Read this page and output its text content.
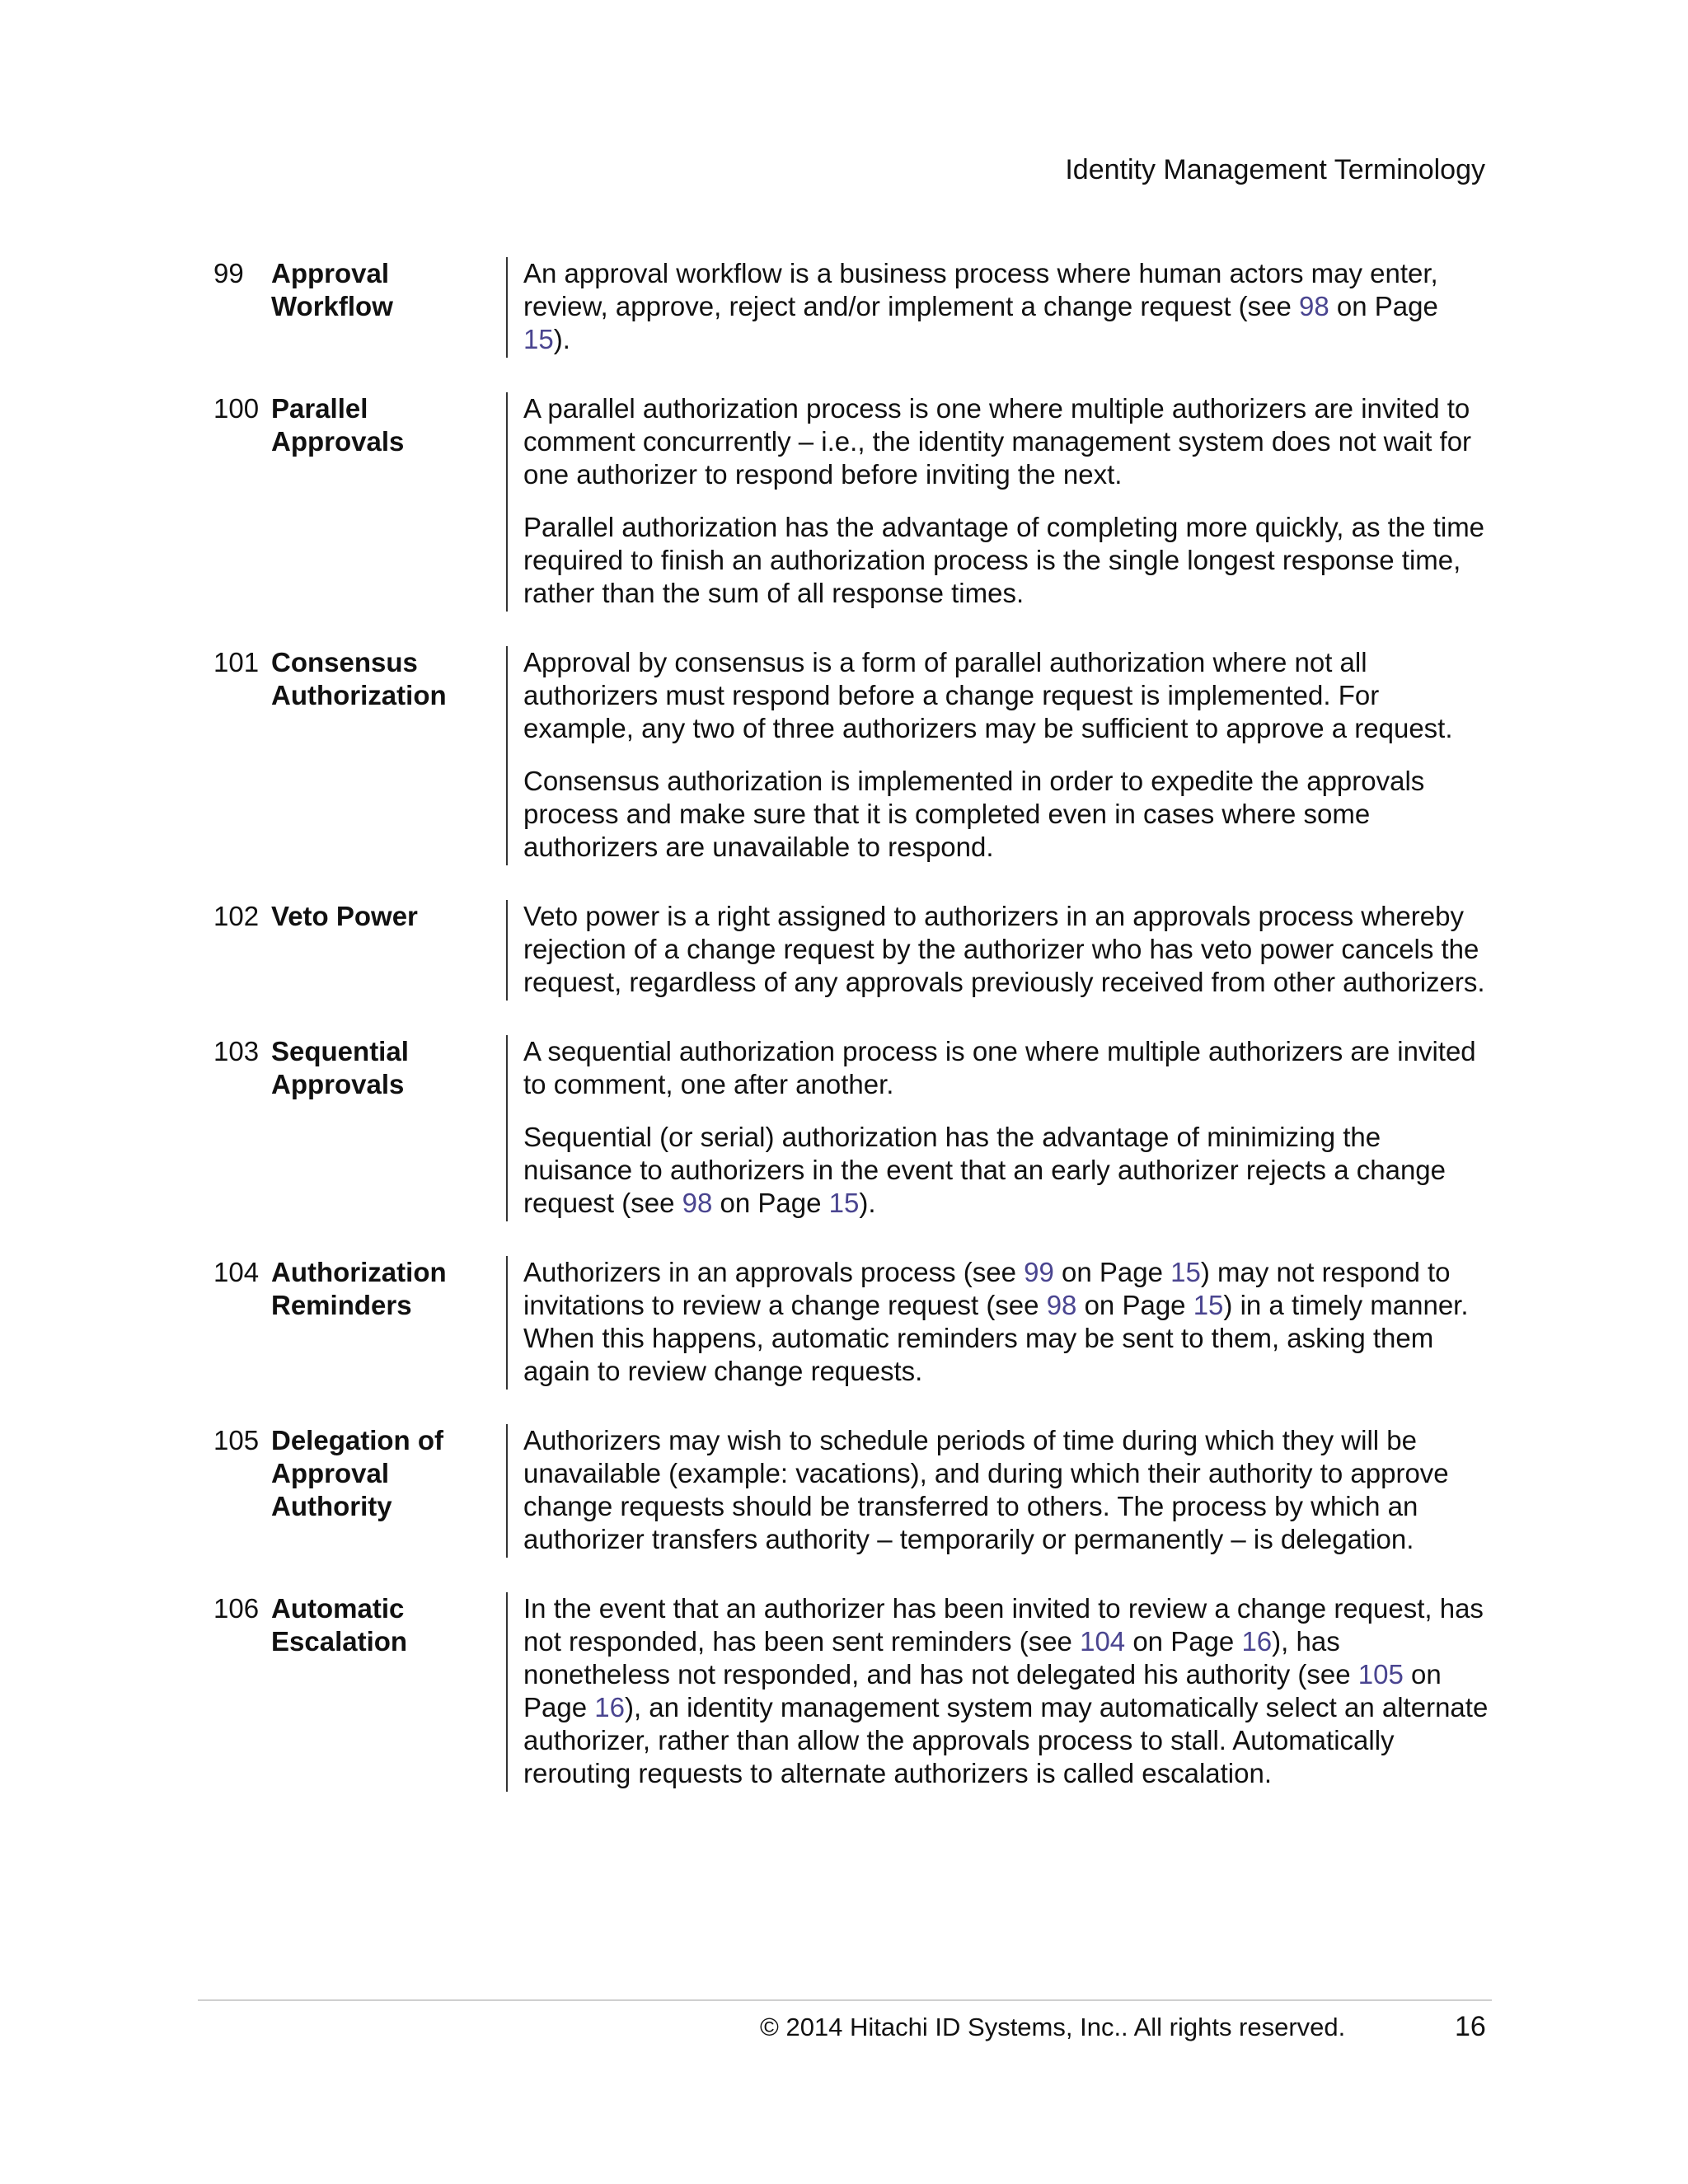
Identity Management Terminology
99	Approval
Workflow

An approval workflow is a business process where human actors may enter, review, approve, reject and/or implement a change request (see 98 on Page 15).

100 Parallel
Approvals

A parallel authorization process is one where multiple authorizers are invited to comment concurrently – i.e., the identity management system does not wait for one authorizer to respond before inviting the next.

Parallel authorization has the advantage of completing more quickly, as the time required to finish an authorization process is the single longest response time, rather than the sum of all response times.

101 Consensus
Authorization

Approval by consensus is a form of parallel authorization where not all authorizers must respond before a change request is implemented. For example, any two of three authorizers may be sufficient to approve a request.

Consensus authorization is implemented in order to expedite the approvals process and make sure that it is completed even in cases where some authorizers are unavailable to respond.

102 Veto Power	Veto power is a right assigned to authorizers in an approvals process whereby rejection of a change request by the authorizer who has veto power cancels the request, regardless of any approvals previously received from other authorizers.

103 Sequential
Approvals

A sequential authorization process is one where multiple authorizers are invited to comment, one after another.

Sequential (or serial) authorization has the advantage of minimizing the nuisance to authorizers in the event that an early authorizer rejects a change request (see 98 on Page 15).

104 Authorization
Reminders

Authorizers in an approvals process (see 99 on Page 15) may not respond to invitations to review a change request (see 98 on Page 15) in a timely manner. When this happens, automatic reminders may be sent to them, asking them again to review change requests.

105 Delegation of
Approval
Authority

Authorizers may wish to schedule periods of time during which they will be unavailable (example: vacations), and during which their authority to approve change requests should be transferred to others. The process by which an authorizer transfers authority – temporarily or permanently – is delegation.

106 Automatic
Escalation

In the event that an authorizer has been invited to review a change request, has not responded, has been sent reminders (see 104 on Page 16), has nonetheless not responded, and has not delegated his authority (see 105 on Page 16), an identity management system may automatically select an alternate authorizer, rather than allow the approvals process to stall. Automatically rerouting requests to alternate authorizers is called escalation.

© 2014 Hitachi ID Systems, Inc.. All rights reserved.	16
